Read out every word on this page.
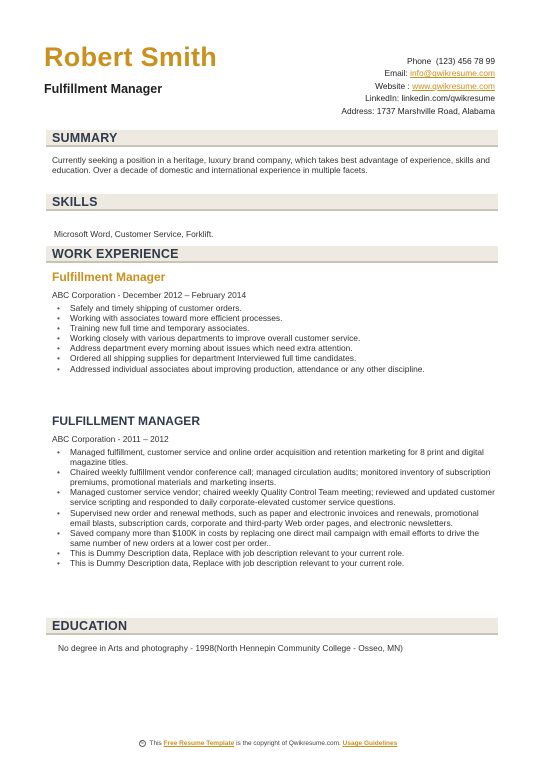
Robert Smith
Fulfillment Manager
Phone (123) 456 78 99
Email: info@qwikresume.com
Website : www.qwikresume.com
LinkedIn: linkedin.com/qwikresume
Address: 1737 Marshville Road, Alabama
SUMMARY
Currently seeking a position in a heritage, luxury brand company, which takes best advantage of experience, skills and education. Over a decade of domestic and international experience in multiple facets.
SKILLS
Microsoft Word, Customer Service, Forklift.
WORK EXPERIENCE
Fulfillment Manager
ABC Corporation - December 2012 – February 2014
• Safely and timely shipping of customer orders.
• Working with associates toward more efficient processes.
• Training new full time and temporary associates.
• Working closely with various departments to improve overall customer service.
• Address department every morning about issues which need extra attention.
• Ordered all shipping supplies for department Interviewed full time candidates.
• Addressed individual associates about improving production, attendance or any other discipline.
FULFILLMENT MANAGER
ABC Corporation - 2011 – 2012
• Managed fulfillment, customer service and online order acquisition and retention marketing for 8 print and digital magazine titles.
• Chaired weekly fulfillment vendor conference call; managed circulation audits; monitored inventory of subscription premiums, promotional materials and marketing inserts.
• Managed customer service vendor; chaired weekly Quality Control Team meeting; reviewed and updated customer service scripting and responded to daily corporate-elevated customer service questions.
• Supervised new order and renewal methods, such as paper and electronic invoices and renewals, promotional email blasts, subscription cards, corporate and third-party Web order pages, and electronic newsletters.
• Saved company more than $100K in costs by replacing one direct mail campaign with email efforts to drive the same number of new orders at a lower cost per order..
• This is Dummy Description data, Replace with job description relevant to your current role.
• This is Dummy Description data, Replace with job description relevant to your current role.
EDUCATION
No degree in Arts and photography - 1998(North Hennepin Community College - Osseo, MN)
© This Free Resume Template is the copyright of Qwikresume.com. Usage Guidelines
